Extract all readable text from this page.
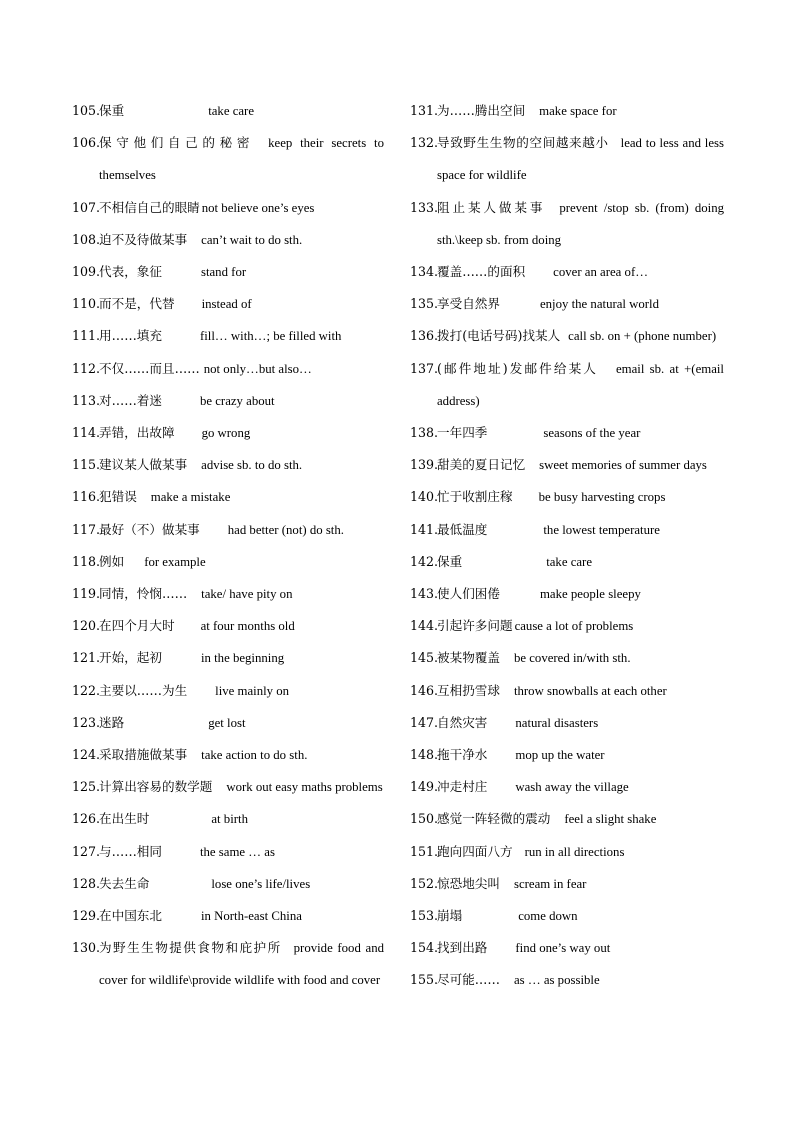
105.
保重	take care
106.
保守他们自己的秘密 keep their secrets to themselves
107.
不相信自己的眼睛 not believe one’s eyes
108.
迫不及待做某事 can’t wait to do sth.
109.
代表，象征	stand for
110.
而不是，代替 instead of
111.
用……填充	fill… with…; be filled with
112.
不仅……而且…… not only…but also…
113.
对……着迷	be crazy about
114.
弄错，出故障 go wrong
115.
建议某人做某事 advise sb. to do sth.
116.
犯错误 make a mistake
117.
最好（不）做某事 had better (not) do sth.
118.
例如 for example
119.
同情，怜悯…… take/ have pity on
120.
在四个月大时 at four months old
121.
开始，起初	in the beginning
122.
主要以……为生 live mainly on
123.
迷路	get lost
124.
采取措施做某事 take action to do sth.
125.
计算出容易的数学题 work out easy maths problems
126.
在出生时	at birth
127.
与……相同	the same … as
128.
失去生命	lose one’s life/lives
129.
在中国东北	in North-east China
130.
为野生生物提供食物和庇护所 provide food and cover for wildlife\provide wildlife with food and cover
131.
为……腾出空间 make space for
132.
导致野生生物的空间越来越小 lead to less and less space for wildlife
133.
阻止某人做某事 prevent /stop sb. (from) doing sth.\keep sb. from doing
134.
覆盖……的面积 cover an area of…
135.
享受自然界	enjoy the natural world
136.
拨打(电话号码)找某人 call sb. on + (phone number)
137.
(邮件地址)发邮件给某人 email sb. at +(email address)
138.
一年四季	seasons of the year
139.
甜美的夏日记忆 sweet memories of summer days
140.
忙于收割庄稼 be busy harvesting crops
141.
最低温度	the lowest temperature
142.
保重	take care
143.
使人们困倦	make people sleepy
144.
引起许多问题 cause a lot of problems
145.
被某物覆盖 be covered in/with sth.
146.
互相扔雪球 throw snowballs at each other
147.
自然灾害 natural disasters
148.
拖干净水 mop up the water
149.
冲走村庄 wash away the village
150.
感觉一阵轻微的震动 feel a slight shake
151.
跑向四面八方 run in all directions
152.
惊恐地尖叫 scream in fear
153.
崩塌	come down
154.
找到出路 find one’s way out
155.
尽可能…… as … as possible
